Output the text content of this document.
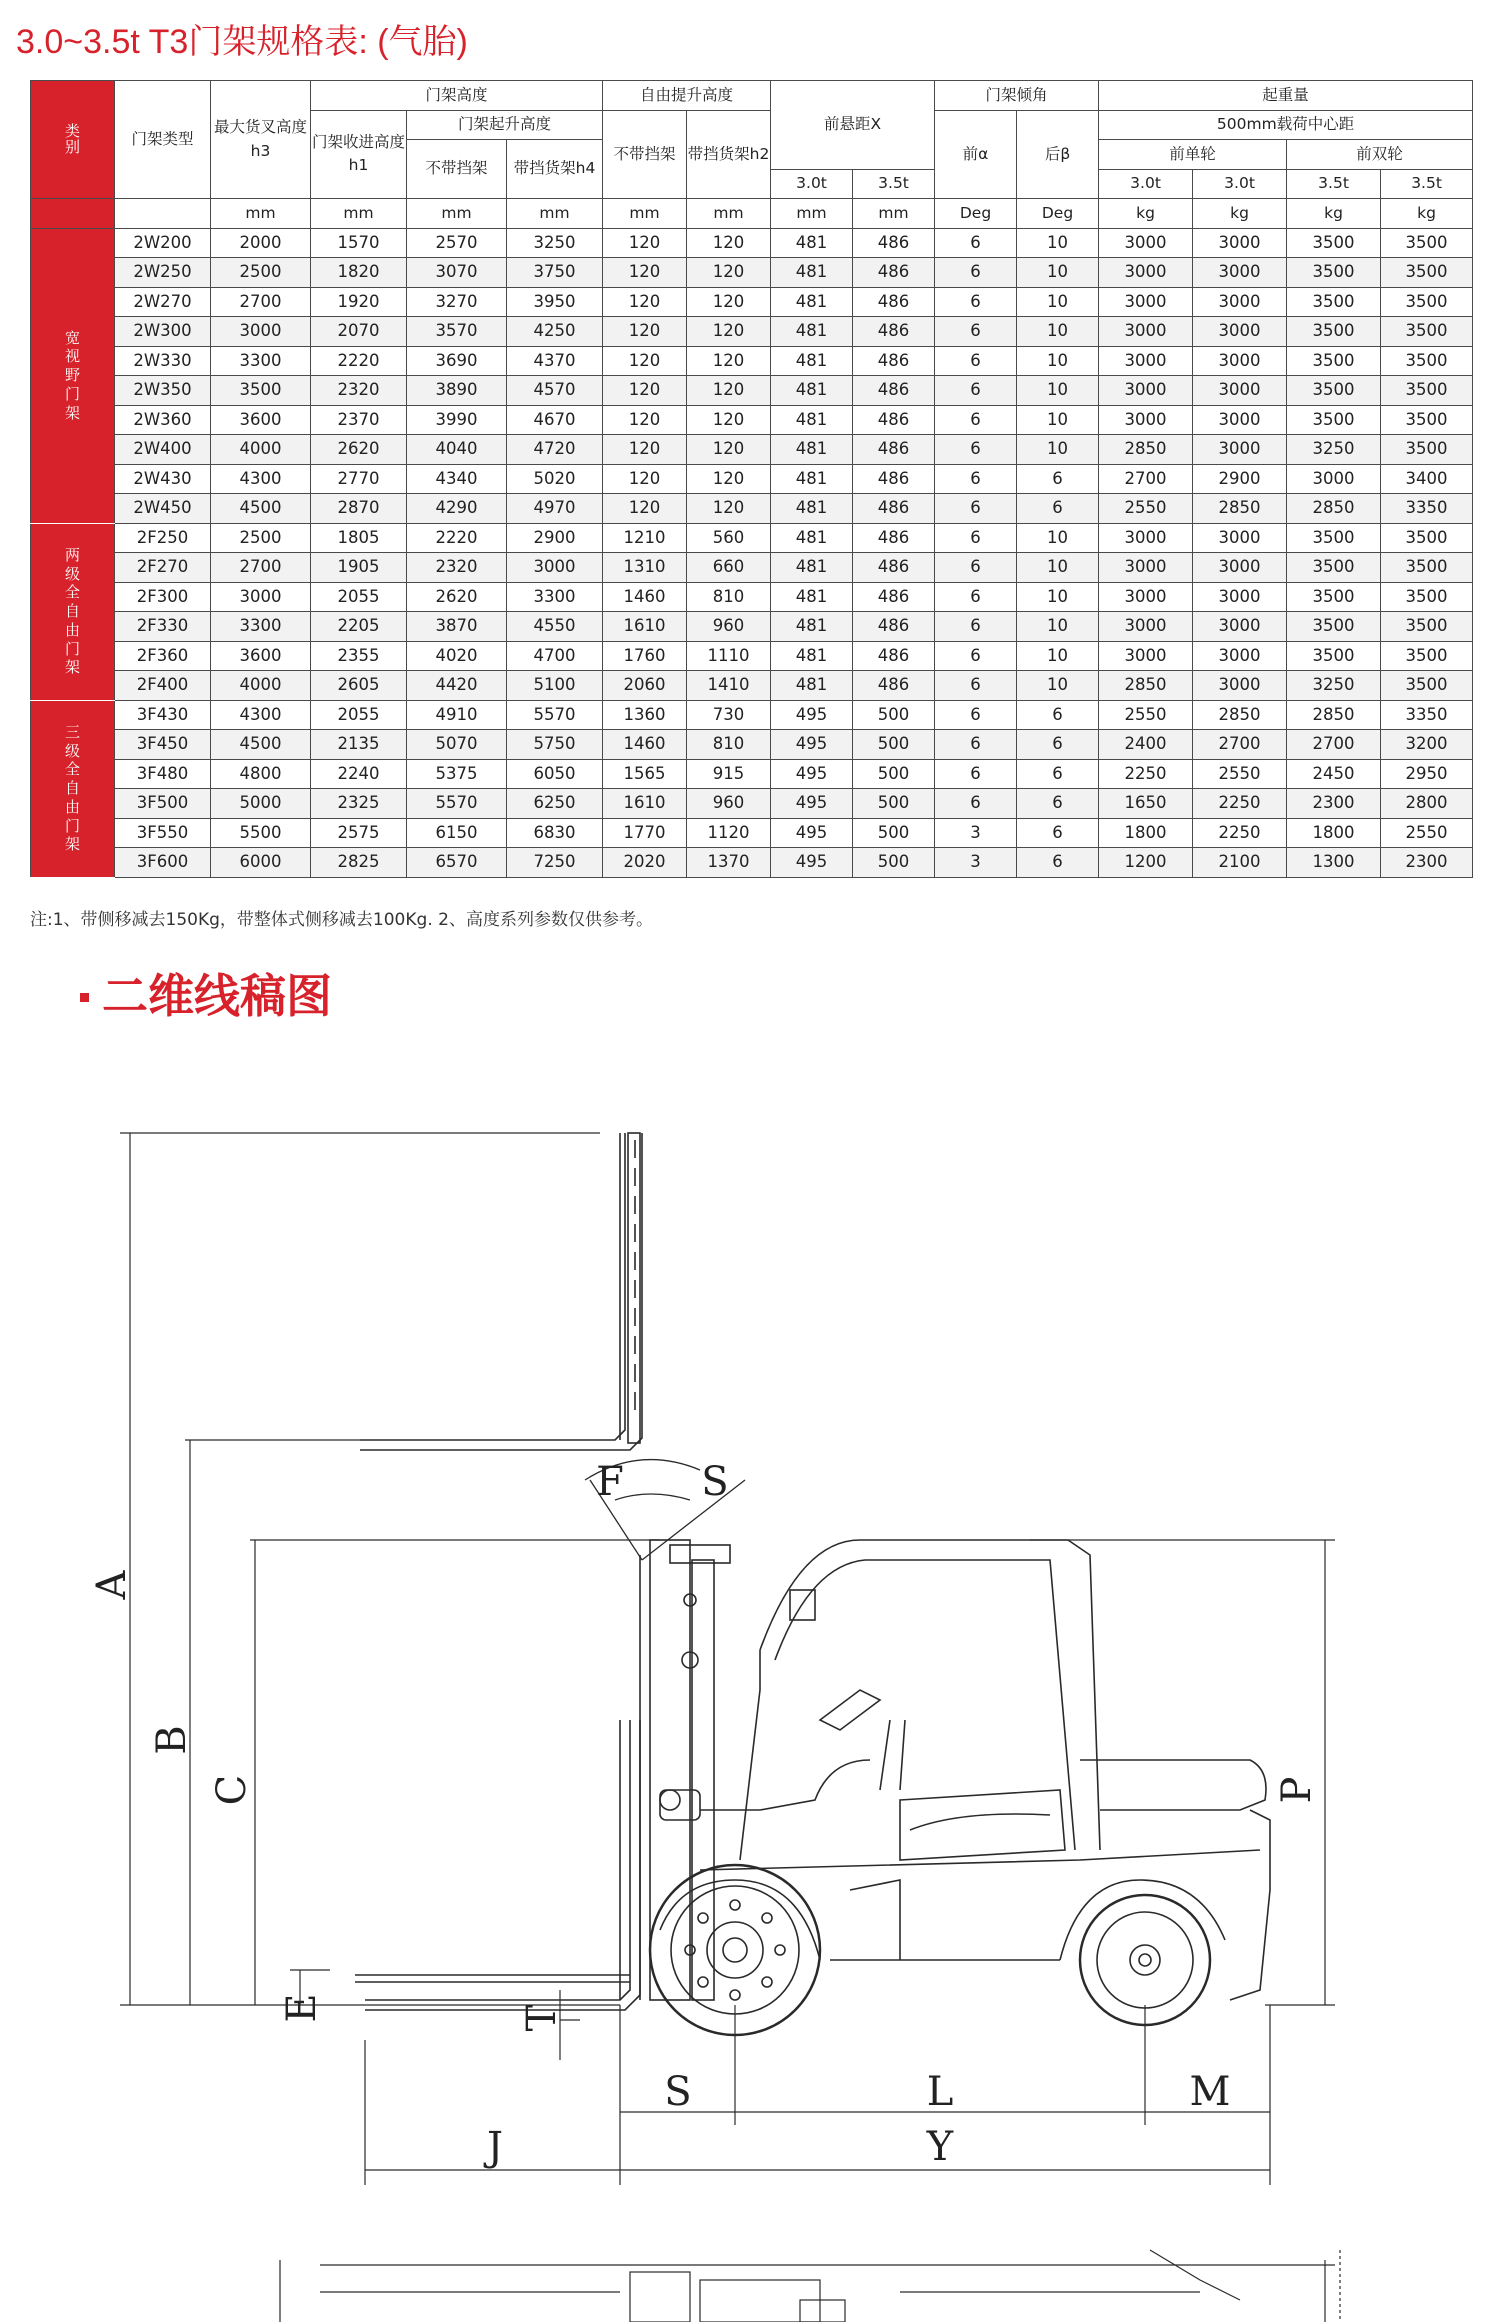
3.0~3.5t T3门架规格表: (气胎)
类别	门架类型	最大货叉高度h3	门架高度			自由提升高度		前悬距X		门架倾角		起重量			
			门架收进高度h1	门架起升高度		不带挡架	带挡货架h2			前α	后β	500mm载荷中心距			
				不带挡架	带挡货架h4							前单轮		前双轮	
								3.0t	3.5t			3.0t	3.0t	3.5t	3.5t
		mm	mm	mm	mm	mm	mm	mm	mm	Deg	Deg	kg	kg	kg	kg
宽视野门架	2W200	2000	1570	2570	3250	120	120	481	486	6	10	3000	3000	3500	3500
	2W250	2500	1820	3070	3750	120	120	481	486	6	10	3000	3000	3500	3500
	2W270	2700	1920	3270	3950	120	120	481	486	6	10	3000	3000	3500	3500
	2W300	3000	2070	3570	4250	120	120	481	486	6	10	3000	3000	3500	3500
	2W330	3300	2220	3690	4370	120	120	481	486	6	10	3000	3000	3500	3500
	2W350	3500	2320	3890	4570	120	120	481	486	6	10	3000	3000	3500	3500
	2W360	3600	2370	3990	4670	120	120	481	486	6	10	3000	3000	3500	3500
	2W400	4000	2620	4040	4720	120	120	481	486	6	10	2850	3000	3250	3500
	2W430	4300	2770	4340	5020	120	120	481	486	6	6	2700	2900	3000	3400
	2W450	4500	2870	4290	4970	120	120	481	486	6	6	2550	2850	2850	3350
两级全自由门架	2F250	2500	1805	2220	2900	1210	560	481	486	6	10	3000	3000	3500	3500
	2F270	2700	1905	2320	3000	1310	660	481	486	6	10	3000	3000	3500	3500
	2F300	3000	2055	2620	3300	1460	810	481	486	6	10	3000	3000	3500	3500
	2F330	3300	2205	3870	4550	1610	960	481	486	6	10	3000	3000	3500	3500
	2F360	3600	2355	4020	4700	1760	1110	481	486	6	10	3000	3000	3500	3500
	2F400	4000	2605	4420	5100	2060	1410	481	486	6	10	2850	3000	3250	3500
三级全自由门架	3F430	4300	2055	4910	5570	1360	730	495	500	6	6	2550	2850	2850	3350
	3F450	4500	2135	5070	5750	1460	810	495	500	6	6	2400	2700	2700	3200
	3F480	4800	2240	5375	6050	1565	915	495	500	6	6	2250	2550	2450	2950
	3F500	5000	2325	5570	6250	1610	960	495	500	6	6	1650	2250	2300	2800
	3F550	5500	2575	6150	6830	1770	1120	495	500	3	6	1800	2250	1800	2550
	3F600	6000	2825	6570	7250	2020	1370	495	500	3	6	1200	2100	1300	2300
注:1、带侧移减去150Kg，带整体式侧移减去100Kg. 2、高度系列参数仅供参考。
二维线稿图
A
B
C
E	T
F S
P
S	L	M
J	Y
